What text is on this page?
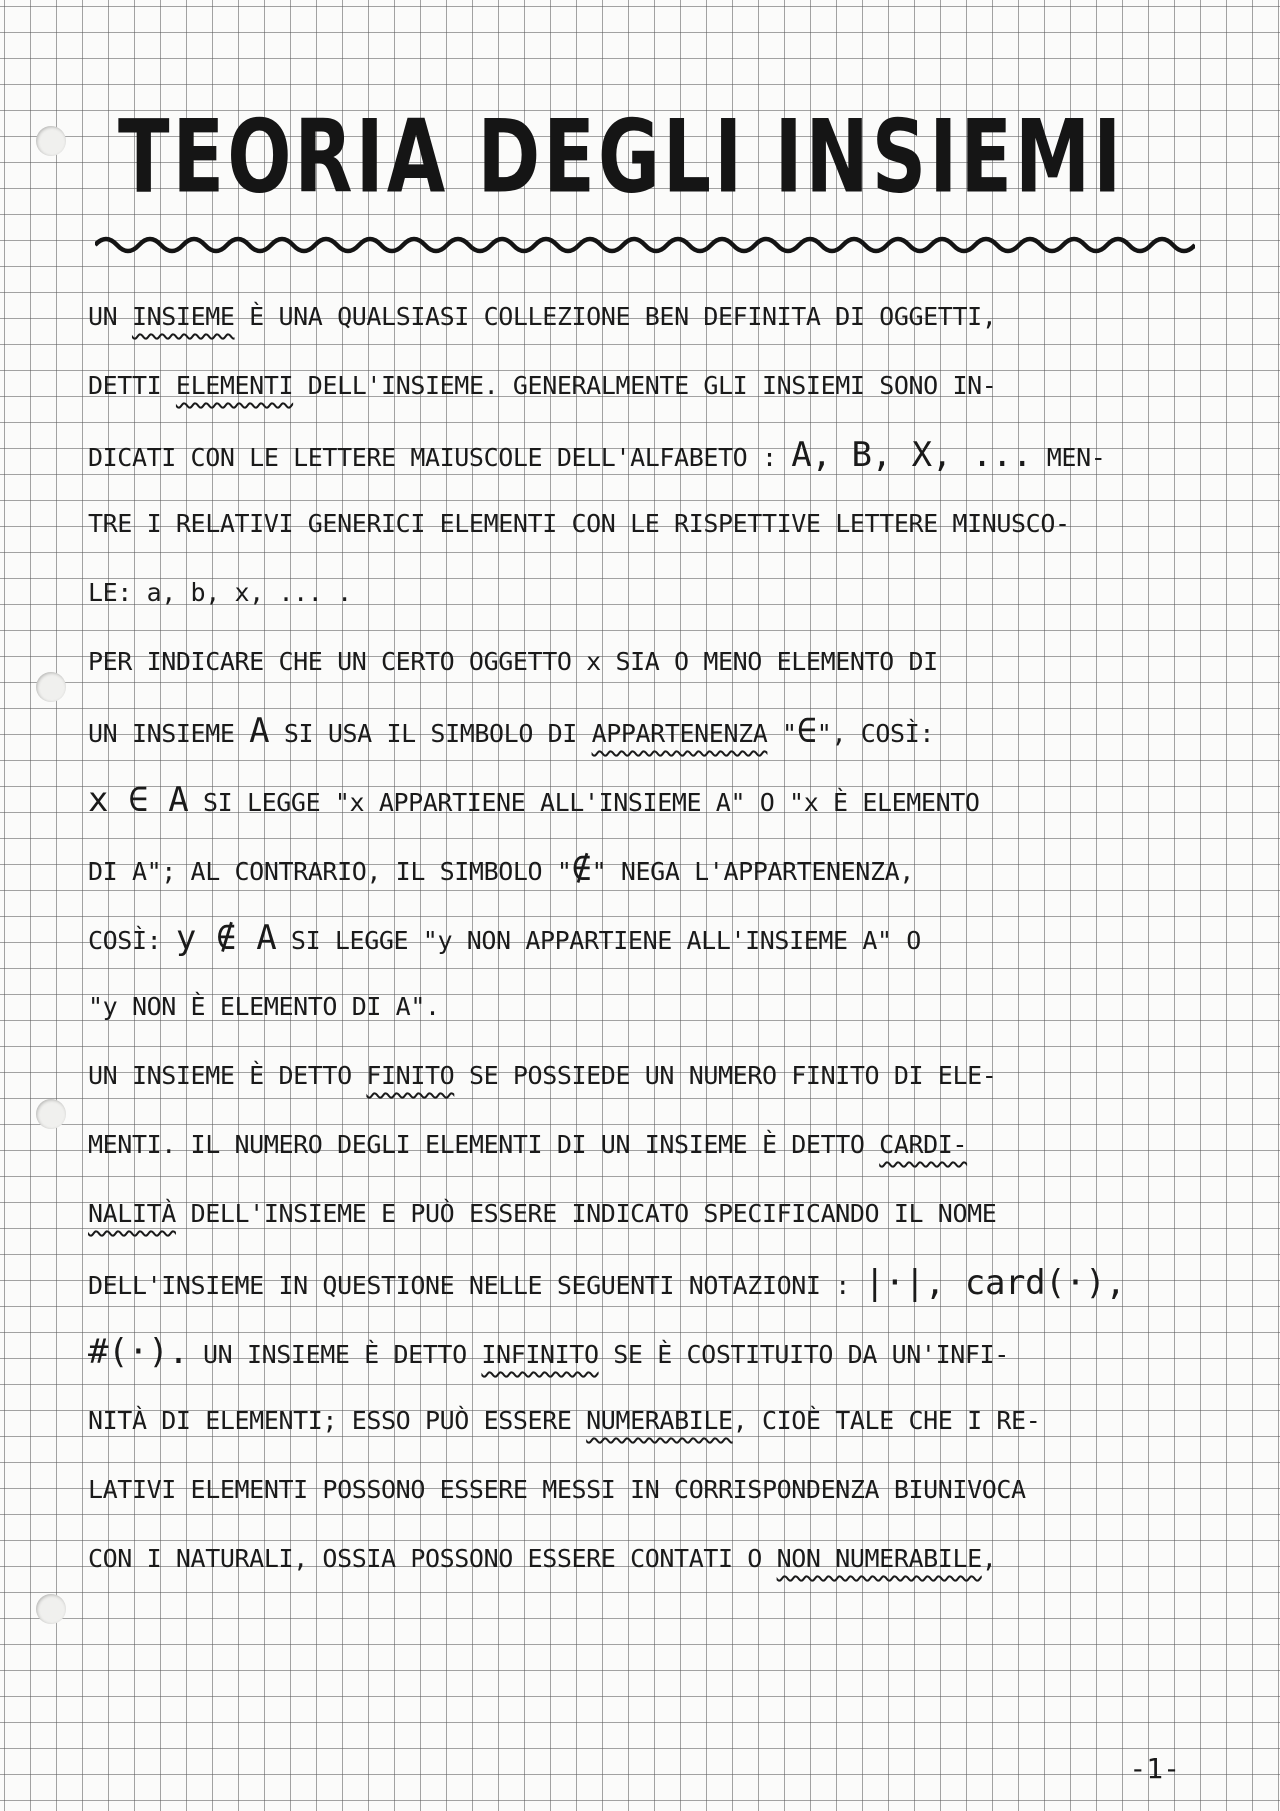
TEORIA DEGLI INSIEMI
UN INSIEME È UNA QUALSIASI COLLEZIONE BEN DEFINITA DI OGGETTI,
DETTI ELEMENTI DELL'INSIEME. GENERALMENTE GLI INSIEMI SONO IN-
DICATI CON LE LETTERE MAIUSCOLE DELL'ALFABETO : A, B, X, ... MEN-
TRE I RELATIVI GENERICI ELEMENTI CON LE RISPETTIVE LETTERE MINUSCO-
LE: a, b, x, ... .
PER INDICARE CHE UN CERTO OGGETTO x SIA O MENO ELEMENTO DI
UN INSIEME A SI USA IL SIMBOLO DI APPARTENENZA "∈", COSÌ:
x ∈ A SI LEGGE "x APPARTIENE ALL'INSIEME A" O "x È ELEMENTO
DI A"; AL CONTRARIO, IL SIMBOLO "∉" NEGA L'APPARTENENZA,
COSÌ: y ∉ A SI LEGGE "y NON APPARTIENE ALL'INSIEME A" O
"y NON È ELEMENTO DI A".
UN INSIEME È DETTO FINITO SE POSSIEDE UN NUMERO FINITO DI ELE-
MENTI. IL NUMERO DEGLI ELEMENTI DI UN INSIEME È DETTO CARDI-
NALITÀ DELL'INSIEME E PUÒ ESSERE INDICATO SPECIFICANDO IL NOME
DELL'INSIEME IN QUESTIONE NELLE SEGUENTI NOTAZIONI : |·|, card(·),
#(·). UN INSIEME È DETTO INFINITO SE È COSTITUITO DA UN'INFI-
NITÀ DI ELEMENTI; ESSO PUÒ ESSERE NUMERABILE, CIOÈ TALE CHE I RE-
LATIVI ELEMENTI POSSONO ESSERE MESSI IN CORRISPONDENZA BIUNIVOCA
CON I NATURALI, OSSIA POSSONO ESSERE CONTATI O NON NUMERABILE,
-1-
